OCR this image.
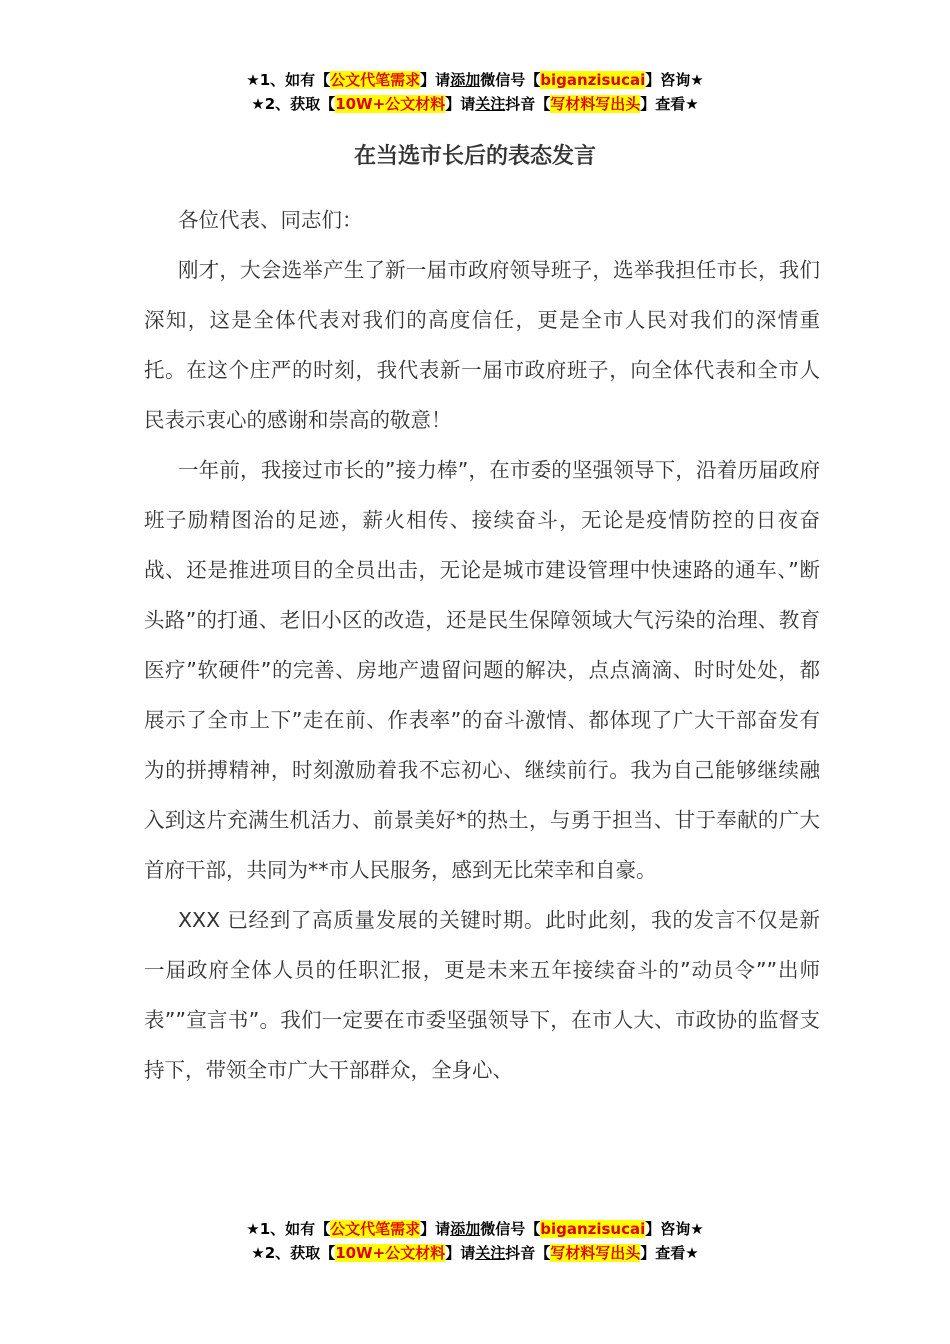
★1、如有【公文代笔需求】请添加微信号【biganzisucai】咨询★
★2、获取【10W+公文材料】请关注抖音【写材料写出头】查看★
在当选市长后的表态发言

各位代表、同志们：

刚才，大会选举产生了新一届市政府领导班子，选举我担任市长，我们深知，这是全体代表对我们的高度信任，更是全市人民对我们的深情重托。在这个庄严的时刻，我代表新一届市政府班子，向全体代表和全市人民表示衷心的感谢和崇高的敬意！

一年前，我接过市长的”接力棒”，在市委的坚强领导下，沿着历届政府班子励精图治的足迹，薪火相传、接续奋斗，无论是疫情防控的日夜奋战、还是推进项目的全员出击，无论是城市建设管理中快速路的通车、”断头路”的打通、老旧小区的改造，还是民生保障领域大气污染的治理、教育医疗”软硬件”的完善、房地产遗留问题的解决，点点滴滴、时时处处，都展示了全市上下”走在前、作表率”的奋斗激情、都体现了广大干部奋发有为的拼搏精神，时刻激励着我不忘初心、继续前行。我为自己能够继续融入到这片充满生机活力、前景美好*的热土，与勇于担当、甘于奉献的广大首府干部，共同为**市人民服务，感到无比荣幸和自豪。

XXX 已经到了高质量发展的关键时期。此时此刻，我的发言不仅是新一届政府全体人员的任职汇报，更是未来五年接续奋斗的”动员令””出师表””宣言书”。我们一定要在市委坚强领导下，在市人大、市政协的监督支持下，带领全市广大干部群众，全身心、

★1、如有【公文代笔需求】请添加微信号【biganzisucai】咨询★
★2、获取【10W+公文材料】请关注抖音【写材料写出头】查看★
